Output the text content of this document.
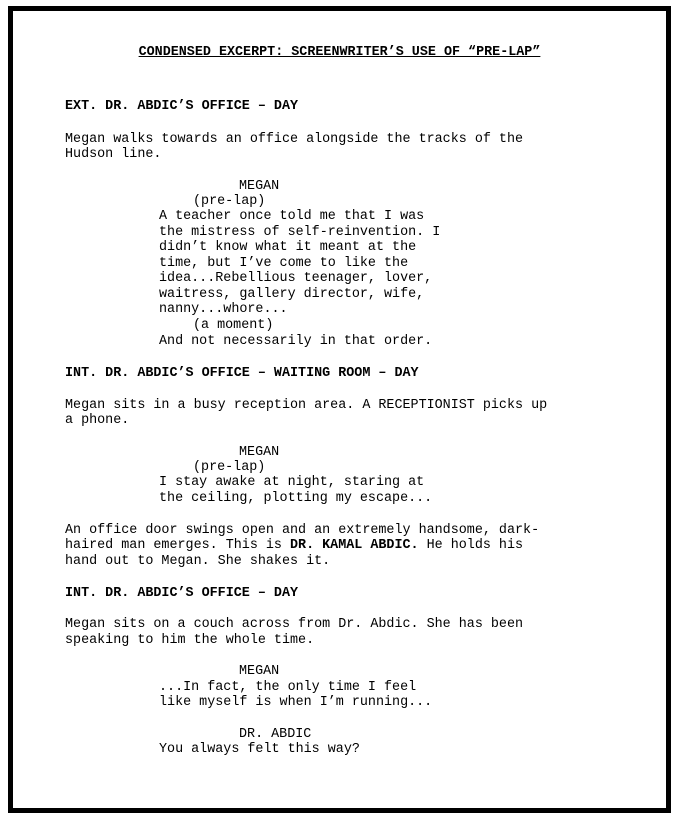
CONDENSED EXCERPT: SCREENWRITER’S USE OF “PRE-LAP”
EXT. DR. ABDIC’S OFFICE – DAY
Megan walks towards an office alongside the tracks of the
Hudson line.
MEGAN
(pre-lap)
A teacher once told me that I was
the mistress of self-reinvention. I
didn’t know what it meant at the
time, but I’ve come to like the
idea...Rebellious teenager, lover,
waitress, gallery director, wife,
nanny...whore...
(a moment)
And not necessarily in that order.
INT. DR. ABDIC’S OFFICE – WAITING ROOM – DAY
Megan sits in a busy reception area. A RECEPTIONIST picks up
a phone.
MEGAN
(pre-lap)
I stay awake at night, staring at
the ceiling, plotting my escape...
An office door swings open and an extremely handsome, dark-
haired man emerges. This is DR. KAMAL ABDIC. He holds his
hand out to Megan. She shakes it.
INT. DR. ABDIC’S OFFICE – DAY
Megan sits on a couch across from Dr. Abdic. She has been
speaking to him the whole time.
MEGAN
...In fact, the only time I feel
like myself is when I’m running...
DR. ABDIC
You always felt this way?
